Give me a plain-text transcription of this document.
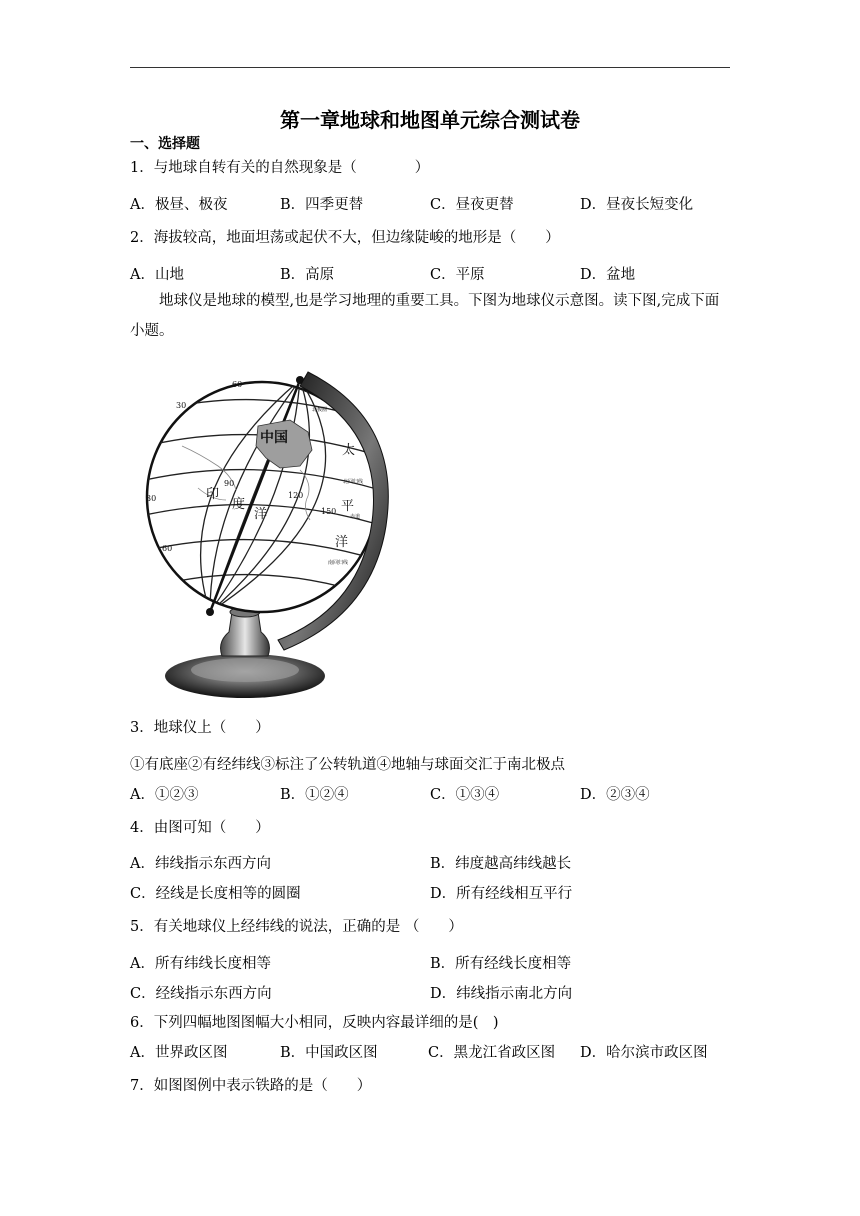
第一章地球和地图单元综合测试卷
一、选择题
1．与地球自转有关的自然现象是（　　　　）
A．极昼、极夜	B．四季更替	C．昼夜更替	D．昼夜长短变化
2．海拔较高，地面坦荡或起伏不大，但边缘陡峻的地形是（　　）
A．山地	B．高原	C．平原	D．盆地
地球仪是地球的模型,也是学习地理的重要工具。下图为地球仪示意图。读下图,完成下面小题。
中国
太
平
洋
印
度
洋
60
30
30
60
90
120
150
北极圈
北回归线
赤道
南回归线
3．地球仪上（　　）
①有底座②有经纬线③标注了公转轨道④地轴与球面交汇于南北极点
A．①②③	B．①②④	C．①③④	D．②③④
4．由图可知（　　）
A．纬线指示东西方向	B．纬度越高纬线越长
C．经线是长度相等的圆圈	D．所有经线相互平行
5．有关地球仪上经纬线的说法，正确的是 （　　）
A．所有纬线长度相等	B．所有经线长度相等
C．经线指示东西方向	D．纬线指示南北方向
6．下列四幅地图图幅大小相同，反映内容最详细的是(　)
A．世界政区图	B．中国政区图	C．黑龙江省政区图	D．哈尔滨市政区图
7．如图图例中表示铁路的是（　　）
